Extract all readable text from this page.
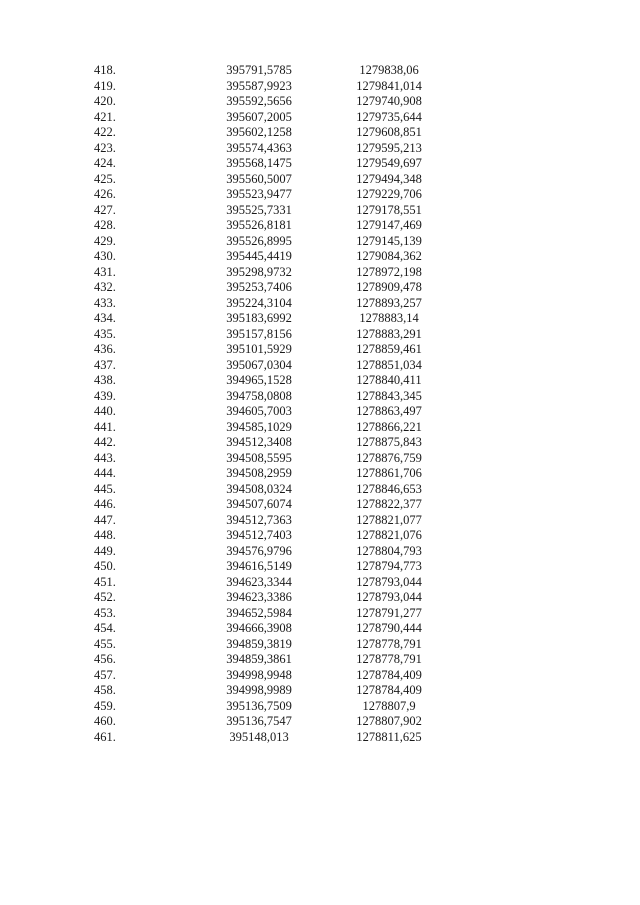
418.	395791,5785	1279838,06	
419.	395587,9923	1279841,014	
420.	395592,5656	1279740,908	
421.	395607,2005	1279735,644	
422.	395602,1258	1279608,851	
423.	395574,4363	1279595,213	
424.	395568,1475	1279549,697	
425.	395560,5007	1279494,348	
426.	395523,9477	1279229,706	
427.	395525,7331	1279178,551	
428.	395526,8181	1279147,469	
429.	395526,8995	1279145,139	
430.	395445,4419	1279084,362	
431.	395298,9732	1278972,198	
432.	395253,7406	1278909,478	
433.	395224,3104	1278893,257	
434.	395183,6992	1278883,14	
435.	395157,8156	1278883,291	
436.	395101,5929	1278859,461	
437.	395067,0304	1278851,034	
438.	394965,1528	1278840,411	
439.	394758,0808	1278843,345	
440.	394605,7003	1278863,497	
441.	394585,1029	1278866,221	
442.	394512,3408	1278875,843	
443.	394508,5595	1278876,759	
444.	394508,2959	1278861,706	
445.	394508,0324	1278846,653	
446.	394507,6074	1278822,377	
447.	394512,7363	1278821,077	
448.	394512,7403	1278821,076	
449.	394576,9796	1278804,793	
450.	394616,5149	1278794,773	
451.	394623,3344	1278793,044	
452.	394623,3386	1278793,044	
453.	394652,5984	1278791,277	
454.	394666,3908	1278790,444	
455.	394859,3819	1278778,791	
456.	394859,3861	1278778,791	
457.	394998,9948	1278784,409	
458.	394998,9989	1278784,409	
459.	395136,7509	1278807,9	
460.	395136,7547	1278807,902	
461.	395148,013	1278811,625	
